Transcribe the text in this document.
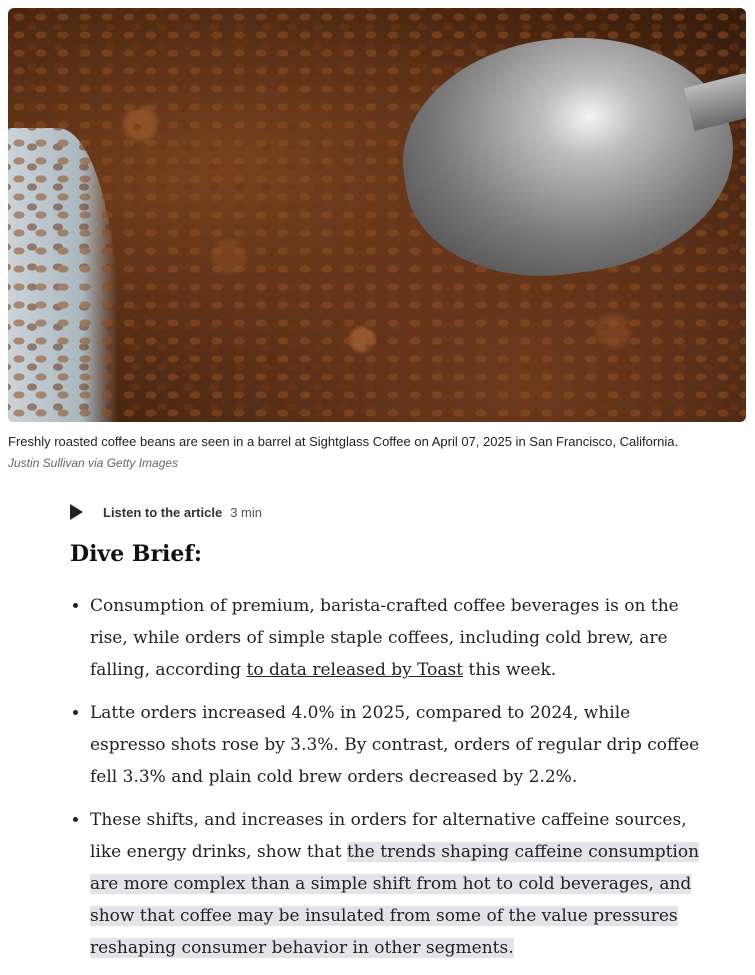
Freshly roasted coffee beans are seen in a barrel at Sightglass Coffee on April 07, 2025 in San Francisco, California.
Justin Sullivan via Getty Images
Listen to the article 3 min
Dive Brief:
• Consumption of premium, barista-crafted coffee beverages is on the rise, while orders of simple staple coffees, including cold brew, are falling, according to data released by Toast this week.
• Latte orders increased 4.0% in 2025, compared to 2024, while espresso shots rose by 3.3%. By contrast, orders of regular drip coffee fell 3.3% and plain cold brew orders decreased by 2.2%.
• These shifts, and increases in orders for alternative caffeine sources, like energy drinks, show that the trends shaping caffeine consumption are more complex than a simple shift from hot to cold beverages, and show that coffee may be insulated from some of the value pressures reshaping consumer behavior in other segments.
